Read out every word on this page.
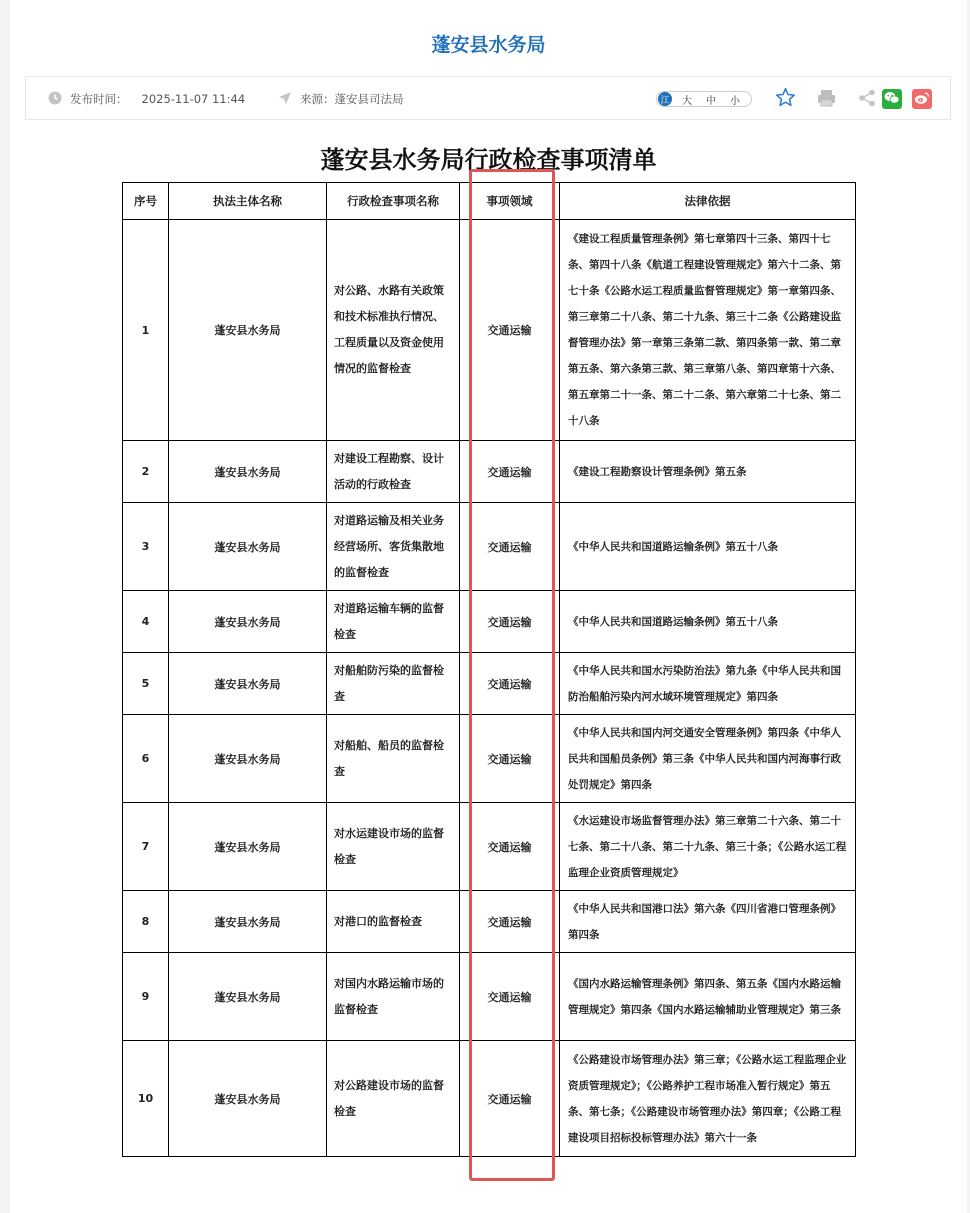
蓬安县水务局
发布时间： 2025-11-07 11:44	来源： 蓬安县司法局	江 大 中 小
蓬安县水务局行政检查事项清单
序号	执法主体名称	行政检查事项名称	事项领域	法律依据
1	蓬安县水务局	对公路、水路有关政策和技术标准执行情况、工程质量以及资金使用情况的监督检查	交通运输	《建设工程质量管理条例》第七章第四十三条、第四十七条、第四十八条《航道工程建设管理规定》第六十二条、第七十条《公路水运工程质量监督管理规定》第一章第四条、第三章第二十八条、第二十九条、第三十二条《公路建设监督管理办法》第一章第三条第二款、第四条第一款、第二章第五条、第六条第三款、第三章第八条、第四章第十六条、第五章第二十一条、第二十二条、第六章第二十七条、第二十八条
2	蓬安县水务局	对建设工程勘察、设计活动的行政检查	交通运输	《建设工程勘察设计管理条例》第五条
3	蓬安县水务局	对道路运输及相关业务经营场所、客货集散地的监督检查	交通运输	《中华人民共和国道路运输条例》第五十八条
4	蓬安县水务局	对道路运输车辆的监督检查	交通运输	《中华人民共和国道路运输条例》第五十八条
5	蓬安县水务局	对船舶防污染的监督检查	交通运输	《中华人民共和国水污染防治法》第九条《中华人民共和国防治船舶污染内河水域环境管理规定》第四条
6	蓬安县水务局	对船舶、船员的监督检查	交通运输	《中华人民共和国内河交通安全管理条例》第四条《中华人民共和国船员条例》第三条《中华人民共和国内河海事行政处罚规定》第四条
7	蓬安县水务局	对水运建设市场的监督检查	交通运输	《水运建设市场监督管理办法》第三章第二十六条、第二十七条、第二十八条、第二十九条、第三十条；《公路水运工程监理企业资质管理规定》
8	蓬安县水务局	对港口的监督检查	交通运输	《中华人民共和国港口法》第六条《四川省港口管理条例》第四条
9	蓬安县水务局	对国内水路运输市场的监督检查	交通运输	《国内水路运输管理条例》第四条、第五条《国内水路运输管理规定》第四条《国内水路运输辅助业管理规定》第三条
10	蓬安县水务局	对公路建设市场的监督检查	交通运输	《公路建设市场管理办法》第三章；《公路水运工程监理企业资质管理规定》；《公路养护工程市场准入暂行规定》第五条、第七条；《公路建设市场管理办法》第四章；《公路工程建设项目招标投标管理办法》第六十一条
